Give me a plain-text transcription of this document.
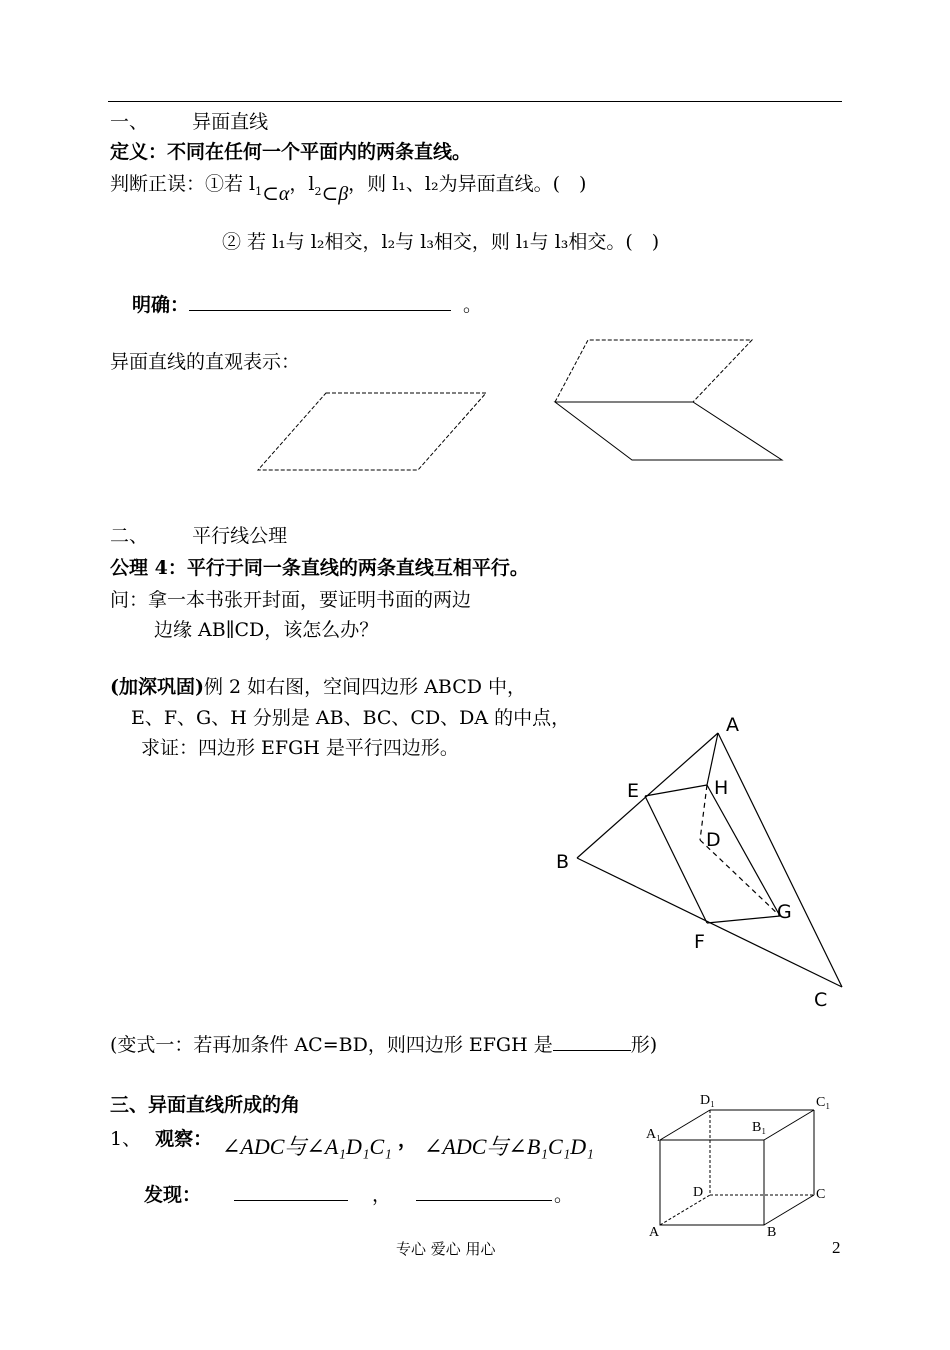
一、 异面直线
定义：不同在任何一个平面内的两条直线。
判断正误：①若 $l_1\subset\alpha$，$l_2\subset\beta$，则 l₁、l₂为异面直线。(　)
② 若 l₁与 l₂相交，l₂与 l₃相交，则 l₁与 l₃相交。(　)
明确：	。
异面直线的直观表示：
二、 平行线公理
公理 4：平行于同一条直线的两条直线互相平行。
问：拿一本书张开封面，要证明书面的两边
边缘 AB∥CD，该怎么办？
(加深巩固)例 2 如右图，空间四边形 ABCD 中，
E、F、G、H 分别是 AB、BC、CD、DA 的中点，
求证：四边形 EFGH 是平行四边形。
(变式一：若再加条件 AC=BD，则四边形 EFGH 是	形)
三、异面直线所成的角
1、 观察： ∠ADC与∠A₁D₁C₁ ， ∠ADC与∠B₁C₁D₁
发现：	，	。
专心 爱心 用心	2
A
B
C
D
E
F
G
H
A	B
C
D
A₁	B₁
C₁
D₁
